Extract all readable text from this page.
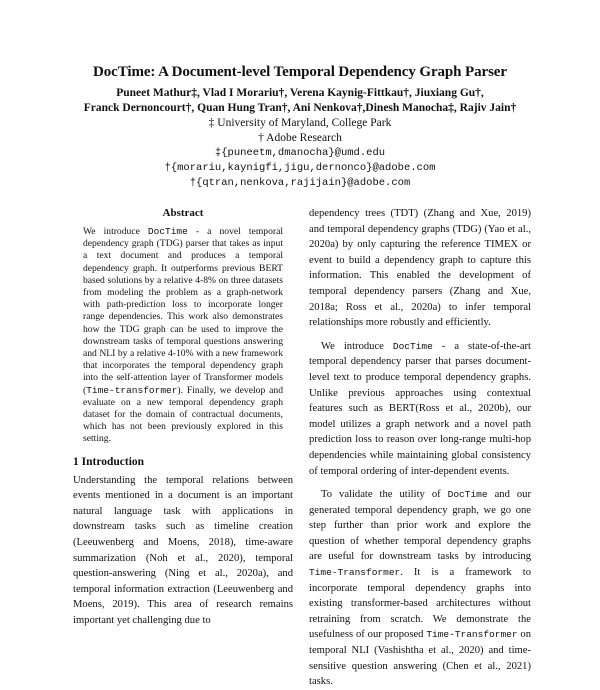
DocTime: A Document-level Temporal Dependency Graph Parser
Puneet Mathur‡, Vlad I Morariu†, Verena Kaynig-Fittkau†, Jiuxiang Gu†,
Franck Dernoncourt†, Quan Hung Tran†, Ani Nenkova†,Dinesh Manocha‡, Rajiv Jain†
‡ University of Maryland, College Park
† Adobe Research
‡{puneetm,dmanocha}@umd.edu
†{morariu,kaynigfi,jigu,dernonco}@adobe.com
†{qtran,nenkova,rajijain}@adobe.com
Abstract

We introduce DocTime - a novel temporal dependency graph (TDG) parser that takes as input a text document and produces a temporal dependency graph. It outperforms previous BERT based solutions by a relative 4-8% on three datasets from modeling the problem as a graph-network with path-prediction loss to incorporate longer range dependencies. This work also demonstrates how the TDG graph can be used to improve the downstream tasks of temporal questions answering and NLI by a relative 4-10% with a new framework that incorporates the temporal dependency graph into the self-attention layer of Transformer models (Time-transformer). Finally, we develop and evaluate on a new temporal dependency graph dataset for the domain of contractual documents, which has not been previously explored in this setting.

1 Introduction

Understanding the temporal relations between events mentioned in a document is an important natural language task with applications in downstream tasks such as timeline creation (Leeuwenberg and Moens, 2018), time-aware summarization (Noh et al., 2020), temporal question-answering (Ning et al., 2020a), and temporal information extraction (Leeuwenberg and Moens, 2019). This area of research remains important yet challenging due to

dependency trees (TDT) (Zhang and Xue, 2019) and temporal dependency graphs (TDG) (Yao et al., 2020a) by only capturing the reference TIMEX or event to build a dependency graph to capture this information. This enabled the development of temporal dependency parsers (Zhang and Xue, 2018a; Ross et al., 2020a) to infer temporal relationships more robustly and efficiently.

We introduce DocTime - a state-of-the-art temporal dependency parser that parses document-level text to produce temporal dependency graphs. Unlike previous approaches using contextual features such as BERT(Ross et al., 2020b), our model utilizes a graph network and a novel path prediction loss to reason over long-range multi-hop dependencies while maintaining global consistency of temporal ordering of inter-dependent events.

To validate the utility of DocTime and our generated temporal dependency graph, we go one step further than prior work and explore the question of whether temporal dependency graphs are useful for downstream tasks by introducing Time-Transformer. It is a framework to incorporate temporal dependency graphs into existing transformer-based architectures without retraining from scratch. We demonstrate the usefulness of our proposed Time-Transformer on temporal NLI (Vashishtha et al., 2020) and time-sensitive question answering (Chen et al., 2021) tasks.
